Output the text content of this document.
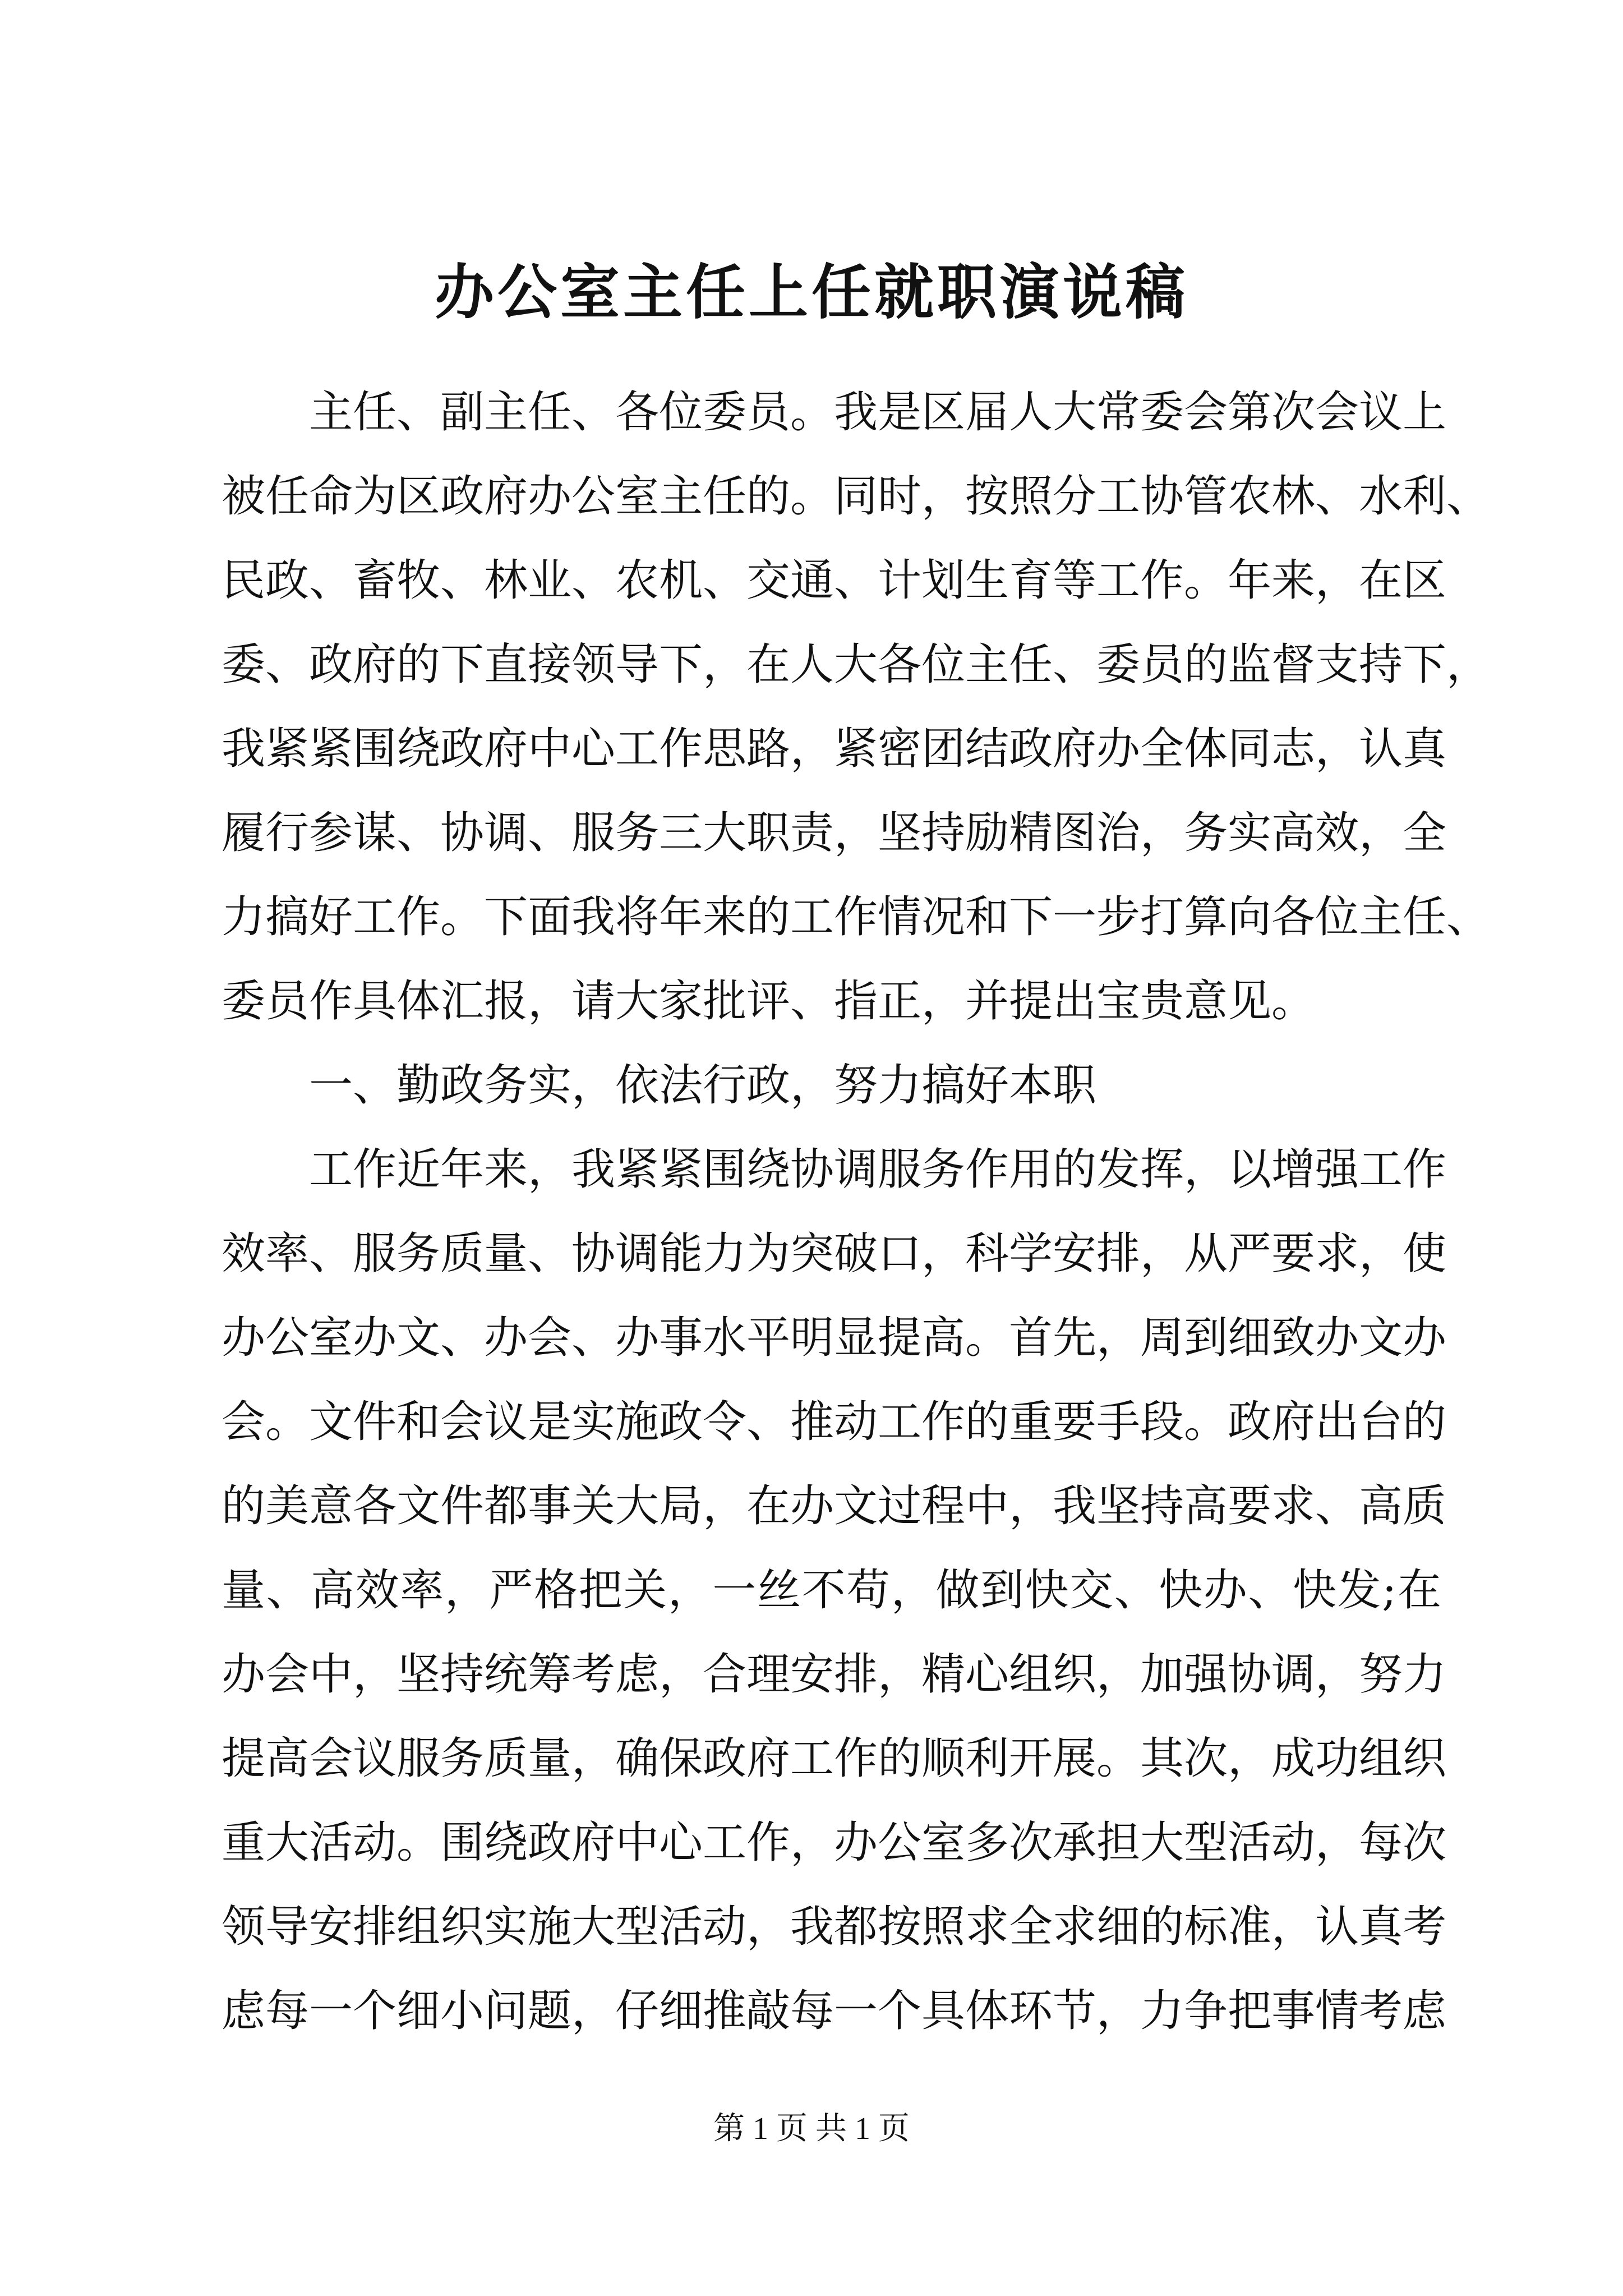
办公室主任上任就职演说稿
主任、副主任、各位委员。我是区届人大常委会第次会议上
被任命为区政府办公室主任的。同时，按照分工协管农林、水利、
民政、畜牧、林业、农机、交通、计划生育等工作。年来，在区
委、政府的下直接领导下，在人大各位主任、委员的监督支持下，
我紧紧围绕政府中心工作思路，紧密团结政府办全体同志，认真
履行参谋、协调、服务三大职责，坚持励精图治，务实高效，全
力搞好工作。下面我将年来的工作情况和下一步打算向各位主任、
委员作具体汇报，请大家批评、指正，并提出宝贵意见。
一、勤政务实，依法行政，努力搞好本职
工作近年来，我紧紧围绕协调服务作用的发挥，以增强工作
效率、服务质量、协调能力为突破口，科学安排，从严要求，使
办公室办文、办会、办事水平明显提高。首先，周到细致办文办
会。文件和会议是实施政令、推动工作的重要手段。政府出台的
的美意各文件都事关大局，在办文过程中，我坚持高要求、高质
量、高效率，严格把关，一丝不苟，做到快交、快办、快发;在
办会中，坚持统筹考虑，合理安排，精心组织，加强协调，努力
提高会议服务质量，确保政府工作的顺利开展。其次，成功组织
重大活动。围绕政府中心工作，办公室多次承担大型活动，每次
领导安排组织实施大型活动，我都按照求全求细的标准，认真考
虑每一个细小问题，仔细推敲每一个具体环节，力争把事情考虑
第 1 页 共 1 页
